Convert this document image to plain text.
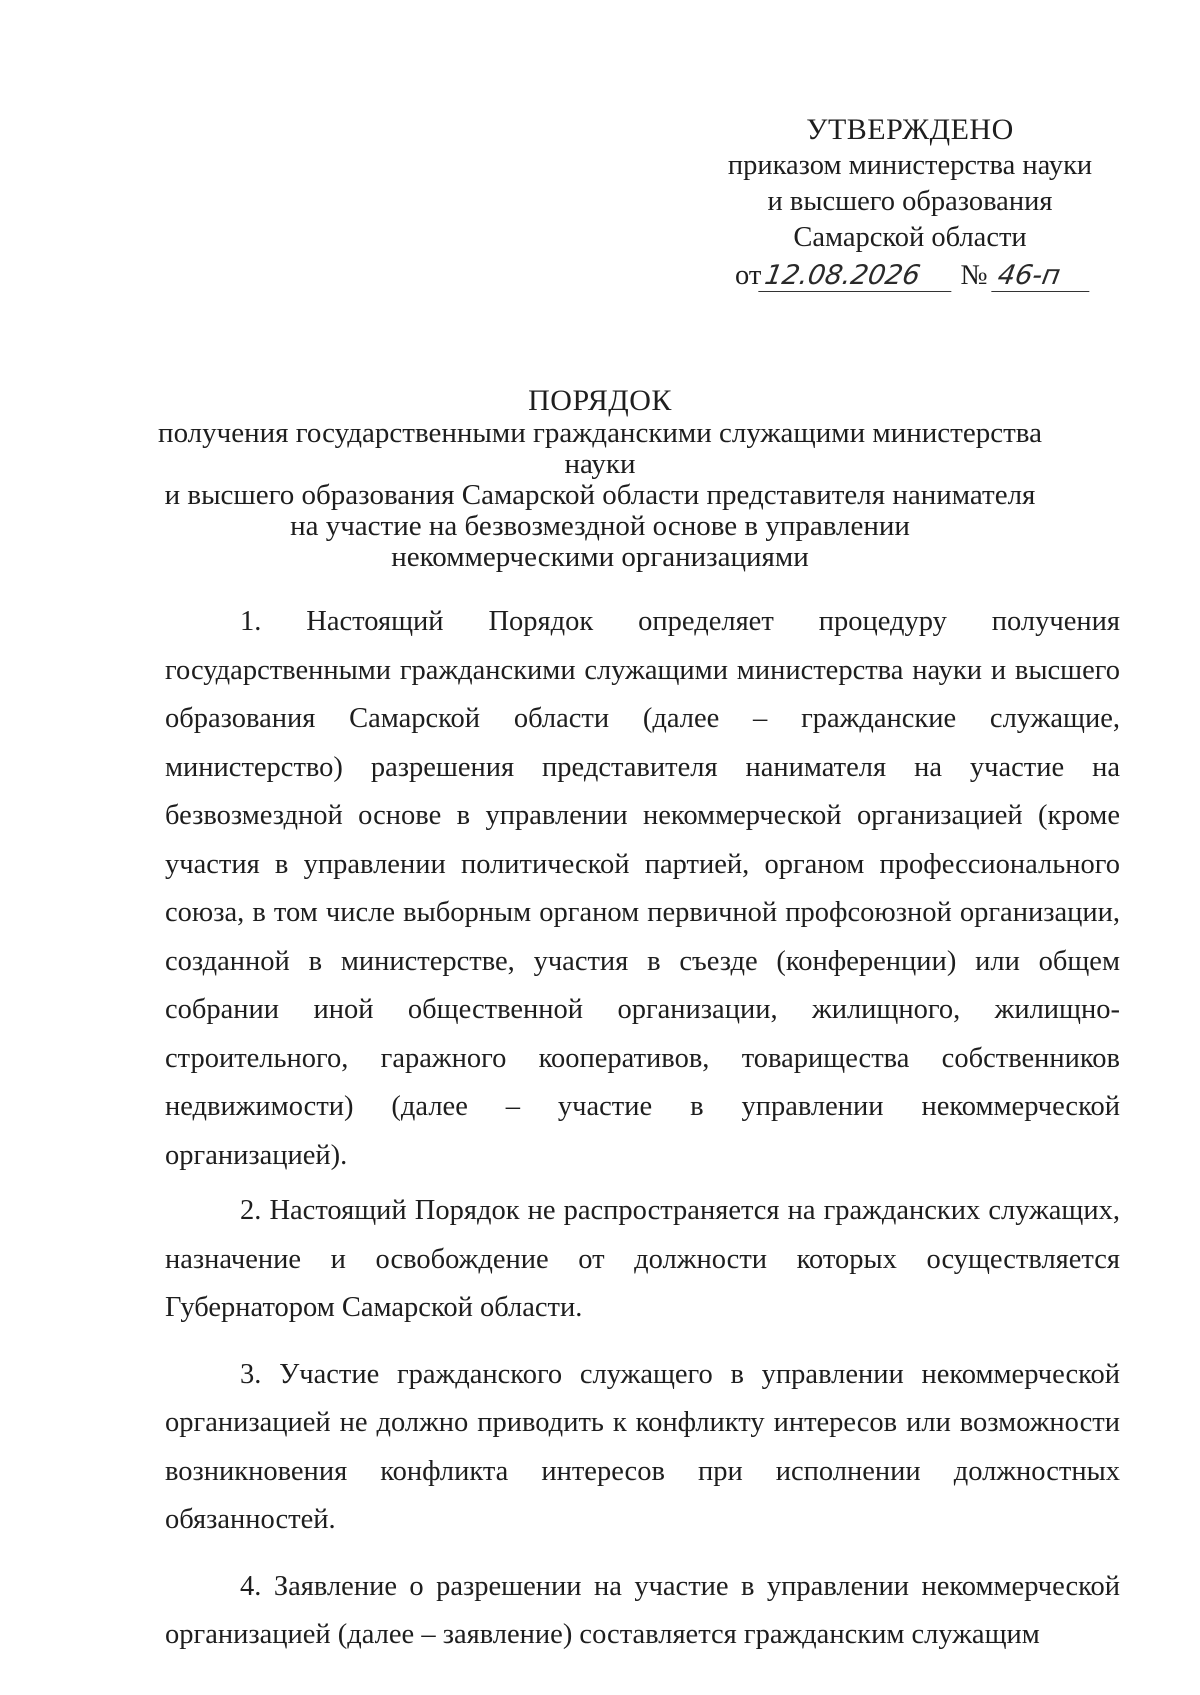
УТВЕРЖДЕНО
приказом министерства науки
и высшего образования
Самарской области
от12.08.2026 № 46-п
ПОРЯДОК
получения государственными гражданскими служащими министерства науки
и высшего образования Самарской области представителя нанимателя
на участие на безвозмездной основе в управлении
некоммерческими организациями

1. Настоящий Порядок определяет процедуру получения государственными гражданскими служащими министерства науки и высшего образования Самарской области (далее – гражданские служащие, министерство) разрешения представителя нанимателя на участие на безвозмездной основе в управлении некоммерческой организацией (кроме участия в управлении политической партией, органом профессионального союза, в том числе выборным органом первичной профсоюзной организации, созданной в министерстве, участия в съезде (конференции) или общем собрании иной общественной организации, жилищного, жилищно-строительного, гаражного кооперативов, товарищества собственников недвижимости) (далее – участие в управлении некоммерческой организацией).

2. Настоящий Порядок не распространяется на гражданских служащих, назначение и освобождение от должности которых осуществляется Губернатором Самарской области.

3. Участие гражданского служащего в управлении некоммерческой организацией не должно приводить к конфликту интересов или возможности возникновения конфликта интересов при исполнении должностных обязанностей.

4. Заявление о разрешении на участие в управлении некоммерческой организацией (далее – заявление) составляется гражданским служащим
